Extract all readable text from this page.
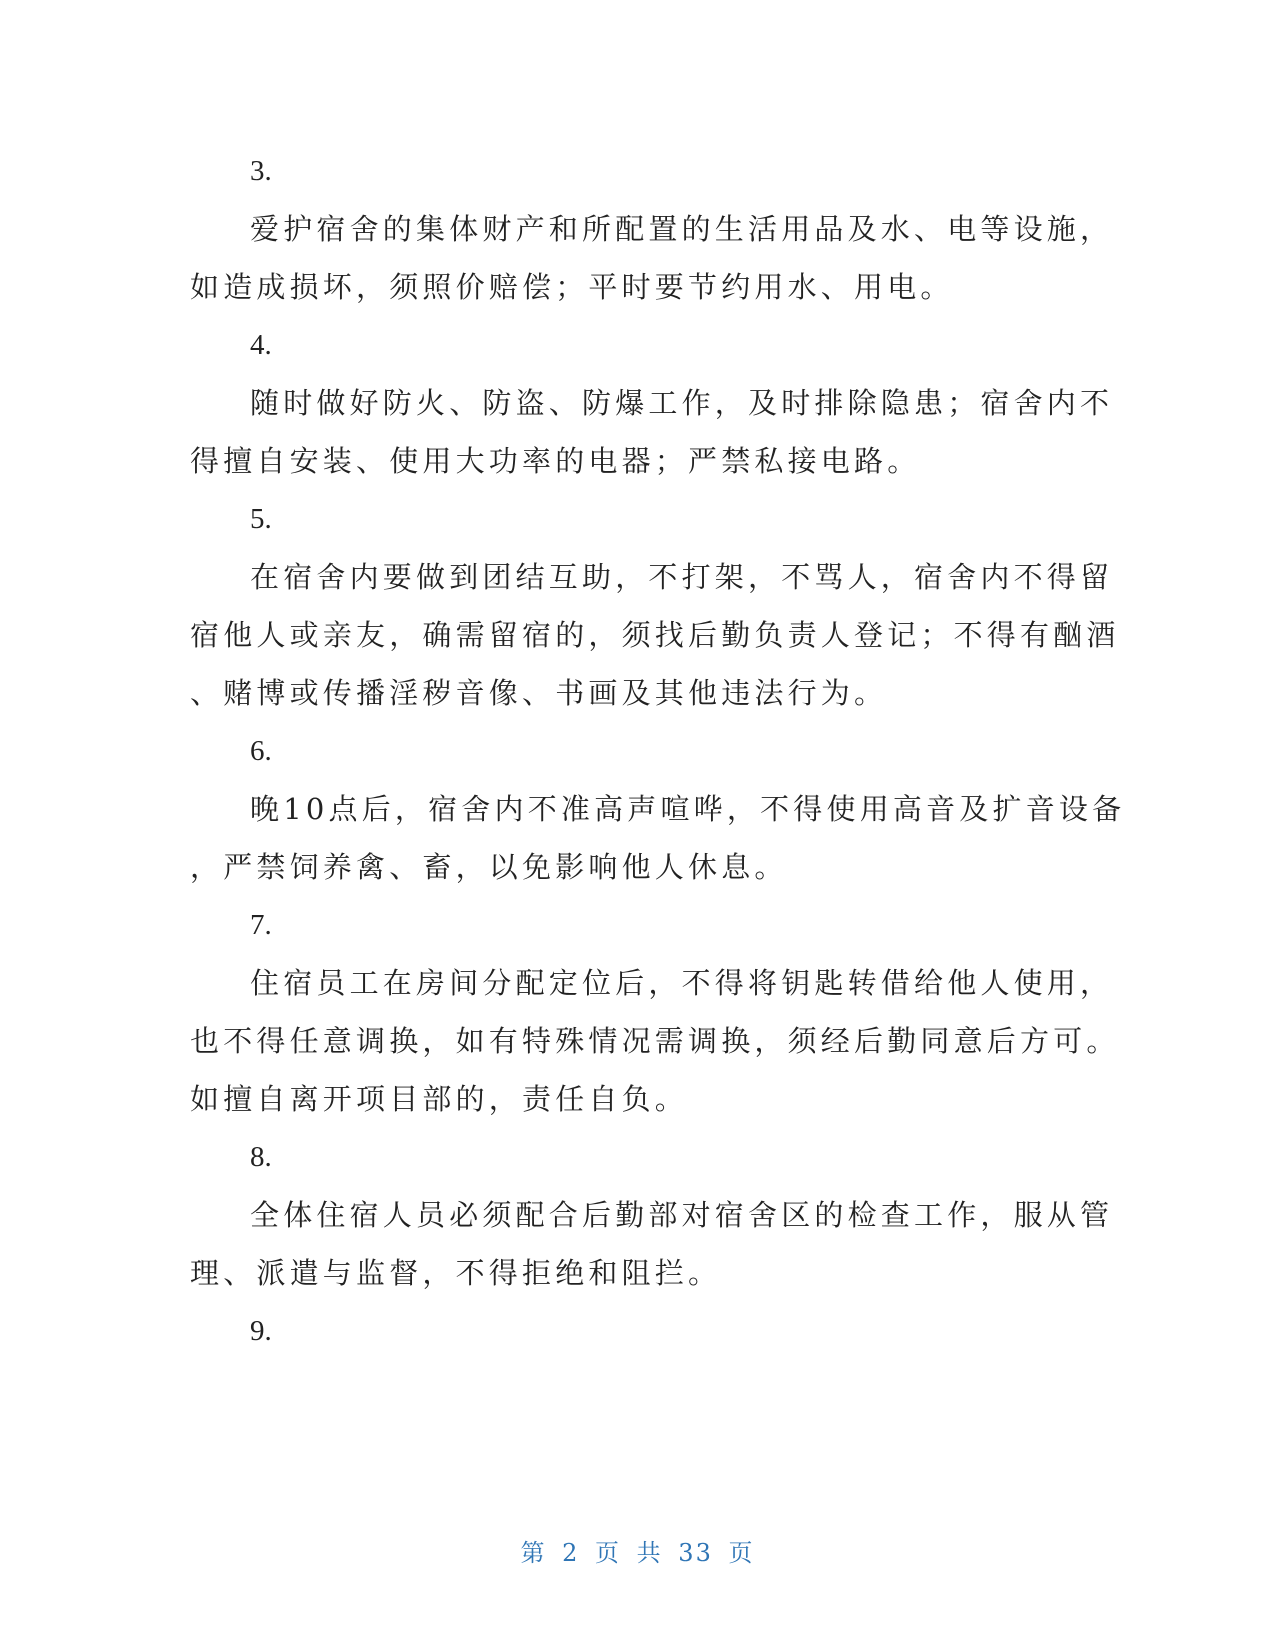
3.
爱护宿舍的集体财产和所配置的生活用品及水、电等设施，
如造成损坏，须照价赔偿；平时要节约用水、用电。
4.
随时做好防火、防盗、防爆工作，及时排除隐患；宿舍内不
得擅自安装、使用大功率的电器；严禁私接电路。
5.
在宿舍内要做到团结互助，不打架，不骂人，宿舍内不得留
宿他人或亲友，确需留宿的，须找后勤负责人登记；不得有酗酒
、赌博或传播淫秽音像、书画及其他违法行为。
6.
晚10点后，宿舍内不准高声喧哗，不得使用高音及扩音设备
，严禁饲养禽、畜，以免影响他人休息。
7.
住宿员工在房间分配定位后，不得将钥匙转借给他人使用，
也不得任意调换，如有特殊情况需调换，须经后勤同意后方可。
如擅自离开项目部的，责任自负。
8.
全体住宿人员必须配合后勤部对宿舍区的检查工作，服从管
理、派遣与监督，不得拒绝和阻拦。
9.
第 2 页 共 33 页
